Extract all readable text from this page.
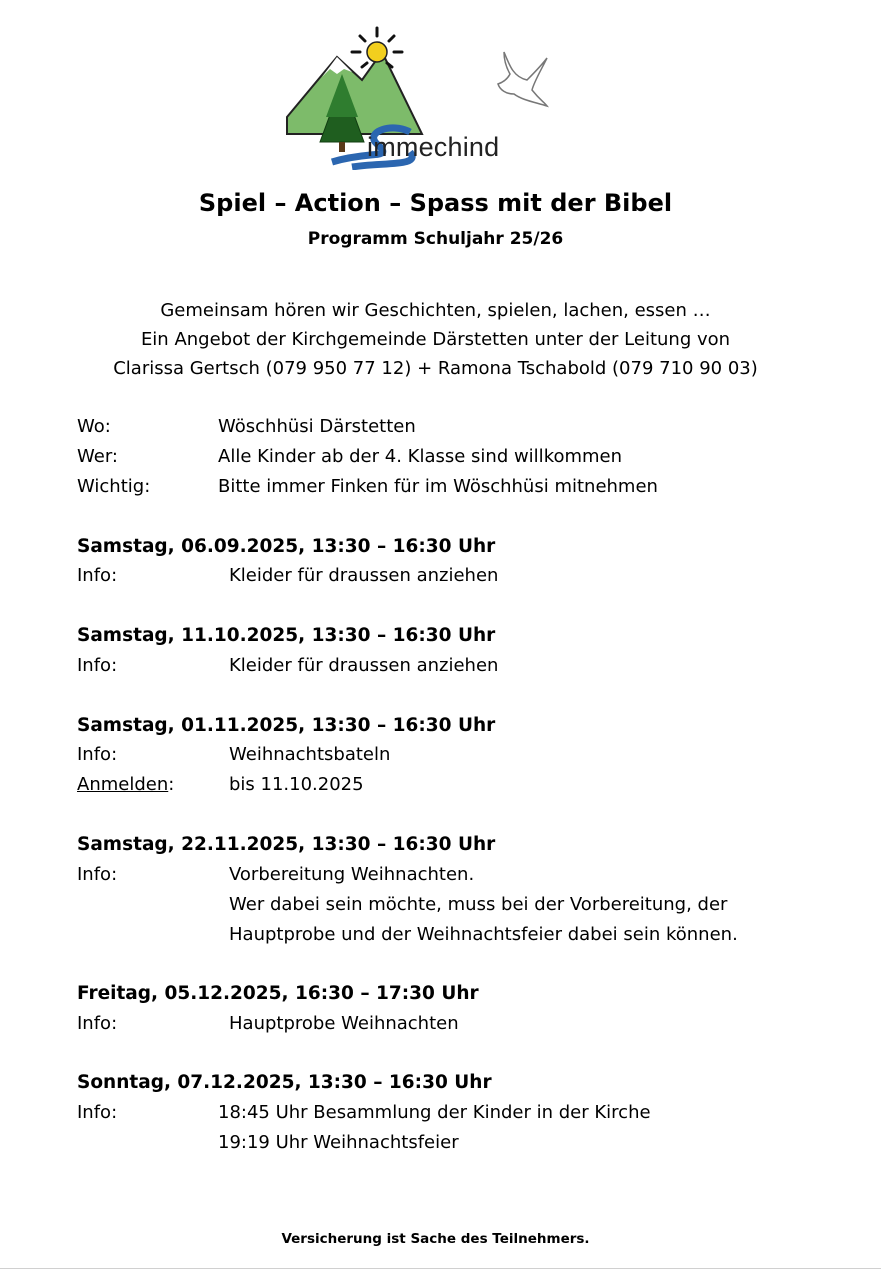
immechind
Spiel – Action – Spass mit der Bibel
Programm Schuljahr 25/26
Gemeinsam hören wir Geschichten, spielen, lachen, essen …
Ein Angebot der Kirchgemeinde Därstetten unter der Leitung von
Clarissa Gertsch (079 950 77 12) + Ramona Tschabold (079 710 90 03)
Wo:	Wöschhüsi Därstetten
Wer:	Alle Kinder ab der 4. Klasse sind willkommen
Wichtig:	Bitte immer Finken für im Wöschhüsi mitnehmen
Samstag, 06.09.2025, 13:30 – 16:30 Uhr
Info:	Kleider für draussen anziehen
Samstag, 11.10.2025, 13:30 – 16:30 Uhr
Info:	Kleider für draussen anziehen
Samstag, 01.11.2025, 13:30 – 16:30 Uhr
Info:	Weihnachtsbateln
Anmelden:	bis 11.10.2025
Samstag, 22.11.2025, 13:30 – 16:30 Uhr
Info:	Vorbereitung Weihnachten.
Wer dabei sein möchte, muss bei der Vorbereitung, der
Hauptprobe und der Weihnachtsfeier dabei sein können.
Freitag, 05.12.2025, 16:30 – 17:30 Uhr
Info:	Hauptprobe Weihnachten
Sonntag, 07.12.2025, 13:30 – 16:30 Uhr
Info:	18:45 Uhr Besammlung der Kinder in der Kirche
19:19 Uhr Weihnachtsfeier
Versicherung ist Sache des Teilnehmers.
